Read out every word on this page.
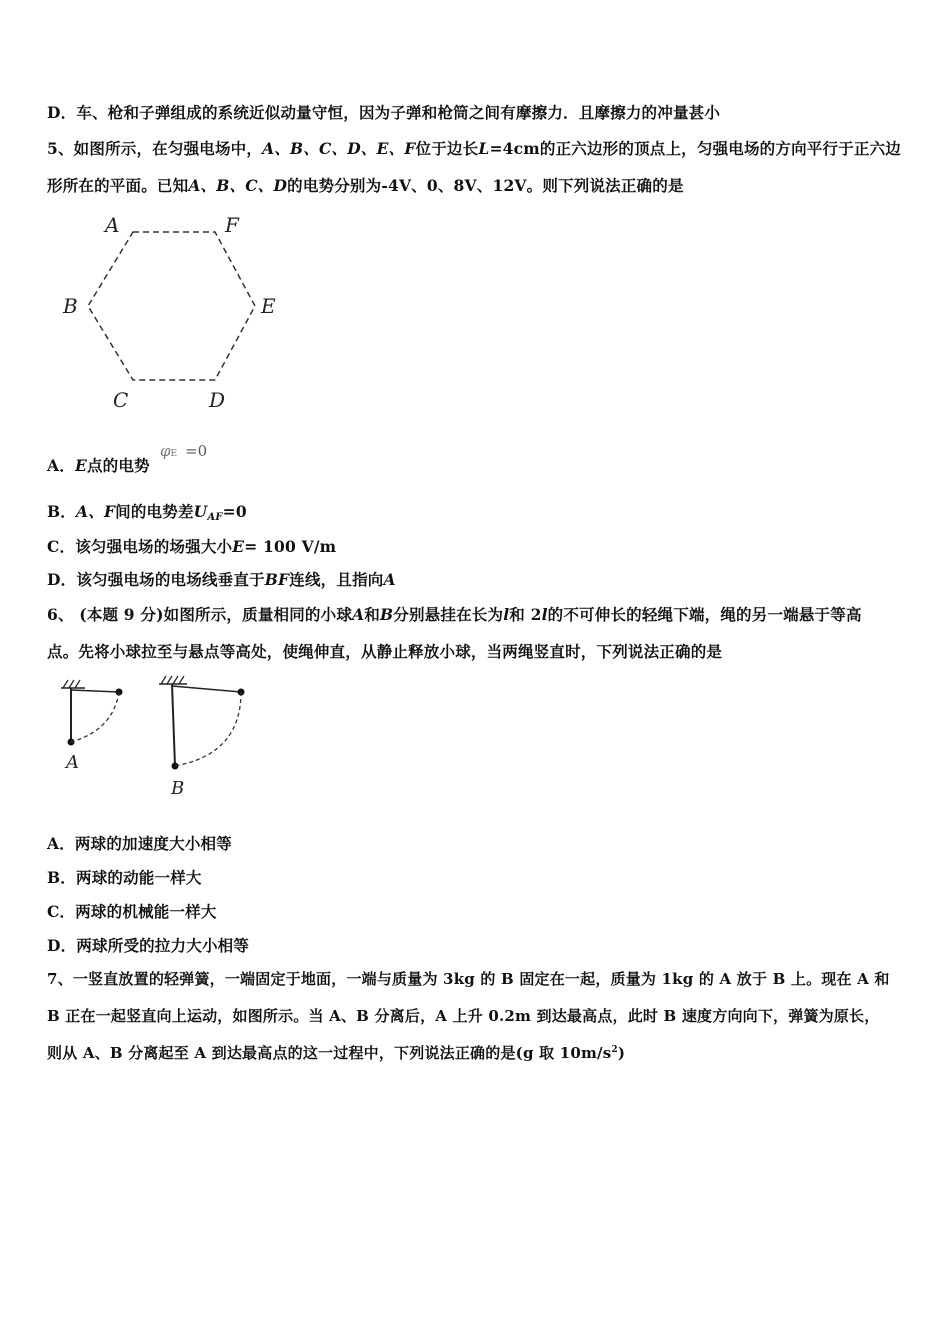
D．车、枪和子弹组成的系统近似动量守恒，因为子弹和枪筒之间有摩擦力．且摩擦力的冲量甚小
5、如图所示，在匀强电场中，A、B、C、D、E、F位于边长L=4cm的正六边形的顶点上，匀强电场的方向平行于正六边
形所在的平面。已知A、B、C、D的电势分别为-4V、0、8V、12V。则下列说法正确的是
A	F
B	E
C	D
A．E点的电势
φE =0
B．A、F间的电势差$U_{AF}=0$
C．该匀强电场的场强大小E= 100 V/m
D．该匀强电场的电场线垂直于BF连线，且指向A
6、 (本题 9 分)如图所示，质量相同的小球A和B分别悬挂在长为l和 2l的不可伸长的轻绳下端，绳的另一端悬于等高
点。先将小球拉至与悬点等高处，使绳伸直，从静止释放小球，当两绳竖直时，下列说法正确的是
A
B
A．两球的加速度大小相等
B．两球的动能一样大
C．两球的机械能一样大
D．两球所受的拉力大小相等
7、一竖直放置的轻弹簧，一端固定于地面，一端与质量为 3kg 的 B 固定在一起，质量为 1kg 的 A 放于 B 上。现在 A 和
B 正在一起竖直向上运动，如图所示。当 A、B 分离后，A 上升 0.2m 到达最高点，此时 B 速度方向向下，弹簧为原长，
则从 A、B 分离起至 A 到达最高点的这一过程中，下列说法正确的是(g 取 $10m/s^2$)
